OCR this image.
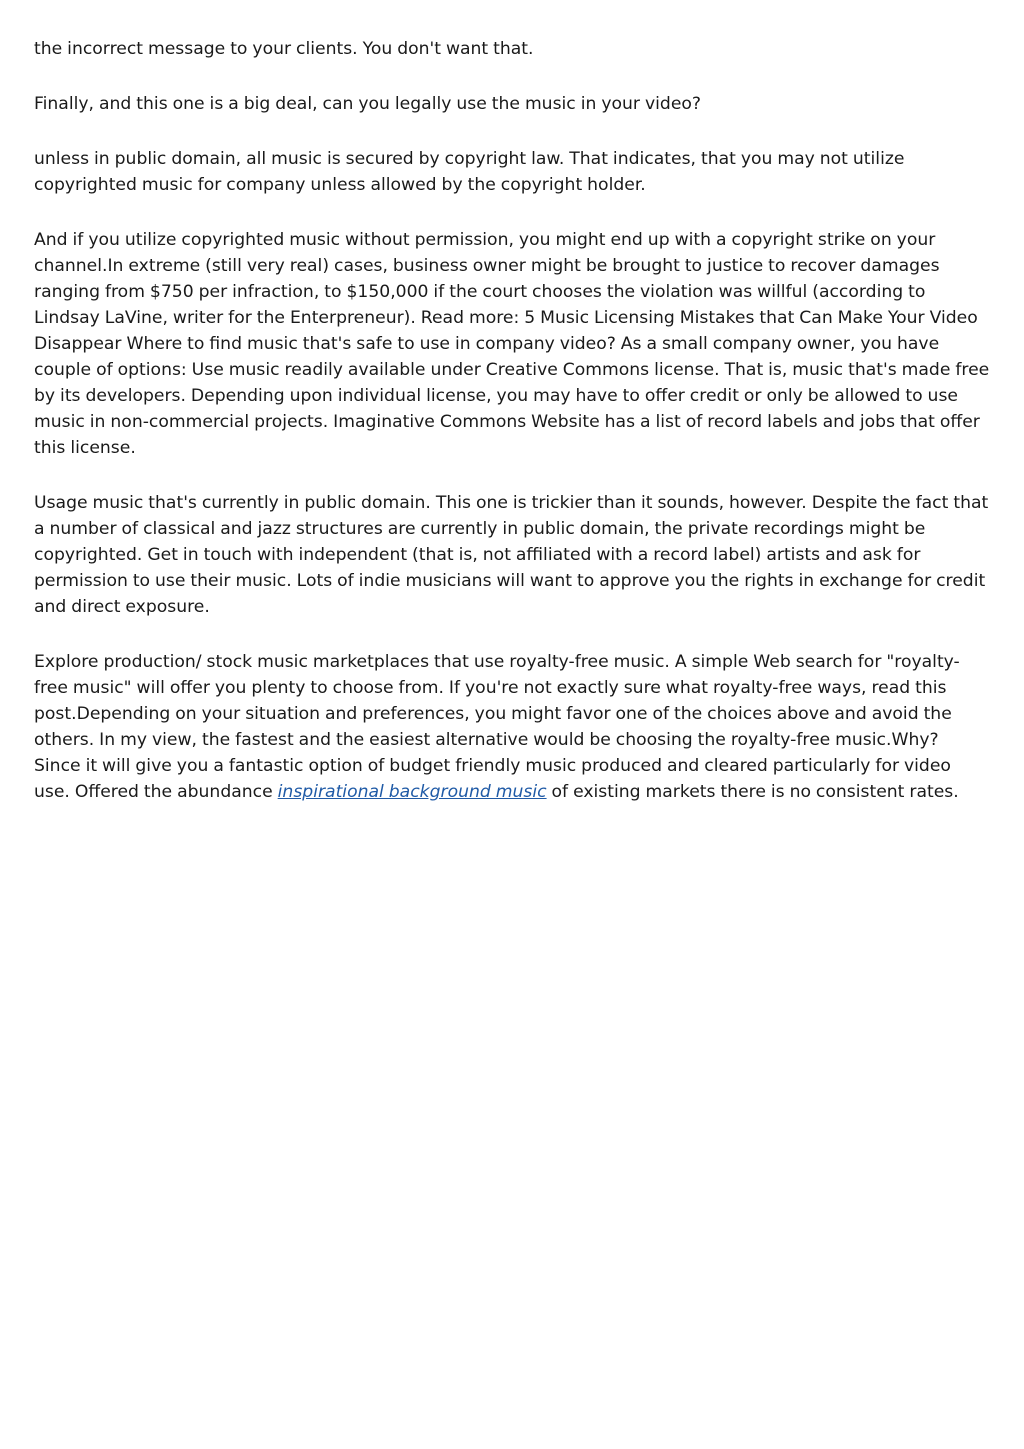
the incorrect message to your clients. You don't want that.

Finally, and this one is a big deal, can you legally use the music in your video?

unless in public domain, all music is secured by copyright law. That indicates, that you may not utilize copyrighted music for company unless allowed by the copyright holder.

And if you utilize copyrighted music without permission, you might end up with a copyright strike on your channel.In extreme (still very real) cases, business owner might be brought to justice to recover damages ranging from $750 per infraction, to $150,000 if the court chooses the violation was willful (according to Lindsay LaVine, writer for the Enterpreneur). Read more: 5 Music Licensing Mistakes that Can Make Your Video Disappear Where to find music that's safe to use in company video? As a small company owner, you have couple of options: Use music readily available under Creative Commons license. That is, music that's made free by its developers. Depending upon individual license, you may have to offer credit or only be allowed to use music in non-commercial projects. Imaginative Commons Website has a list of record labels and jobs that offer this license.

Usage music that's currently in public domain. This one is trickier than it sounds, however. Despite the fact that a number of classical and jazz structures are currently in public domain, the private recordings might be copyrighted. Get in touch with independent (that is, not affiliated with a record label) artists and ask for permission to use their music. Lots of indie musicians will want to approve you the rights in exchange for credit and direct exposure.

Explore production/ stock music marketplaces that use royalty-free music. A simple Web search for "royalty-free music" will offer you plenty to choose from. If you're not exactly sure what royalty-free ways, read this post.Depending on your situation and preferences, you might favor one of the choices above and avoid the others. In my view, the fastest and the easiest alternative would be choosing the royalty-free music.Why? Since it will give you a fantastic option of budget friendly music produced and cleared particularly for video use. Offered the abundance inspirational background music of existing markets there is no consistent rates.
